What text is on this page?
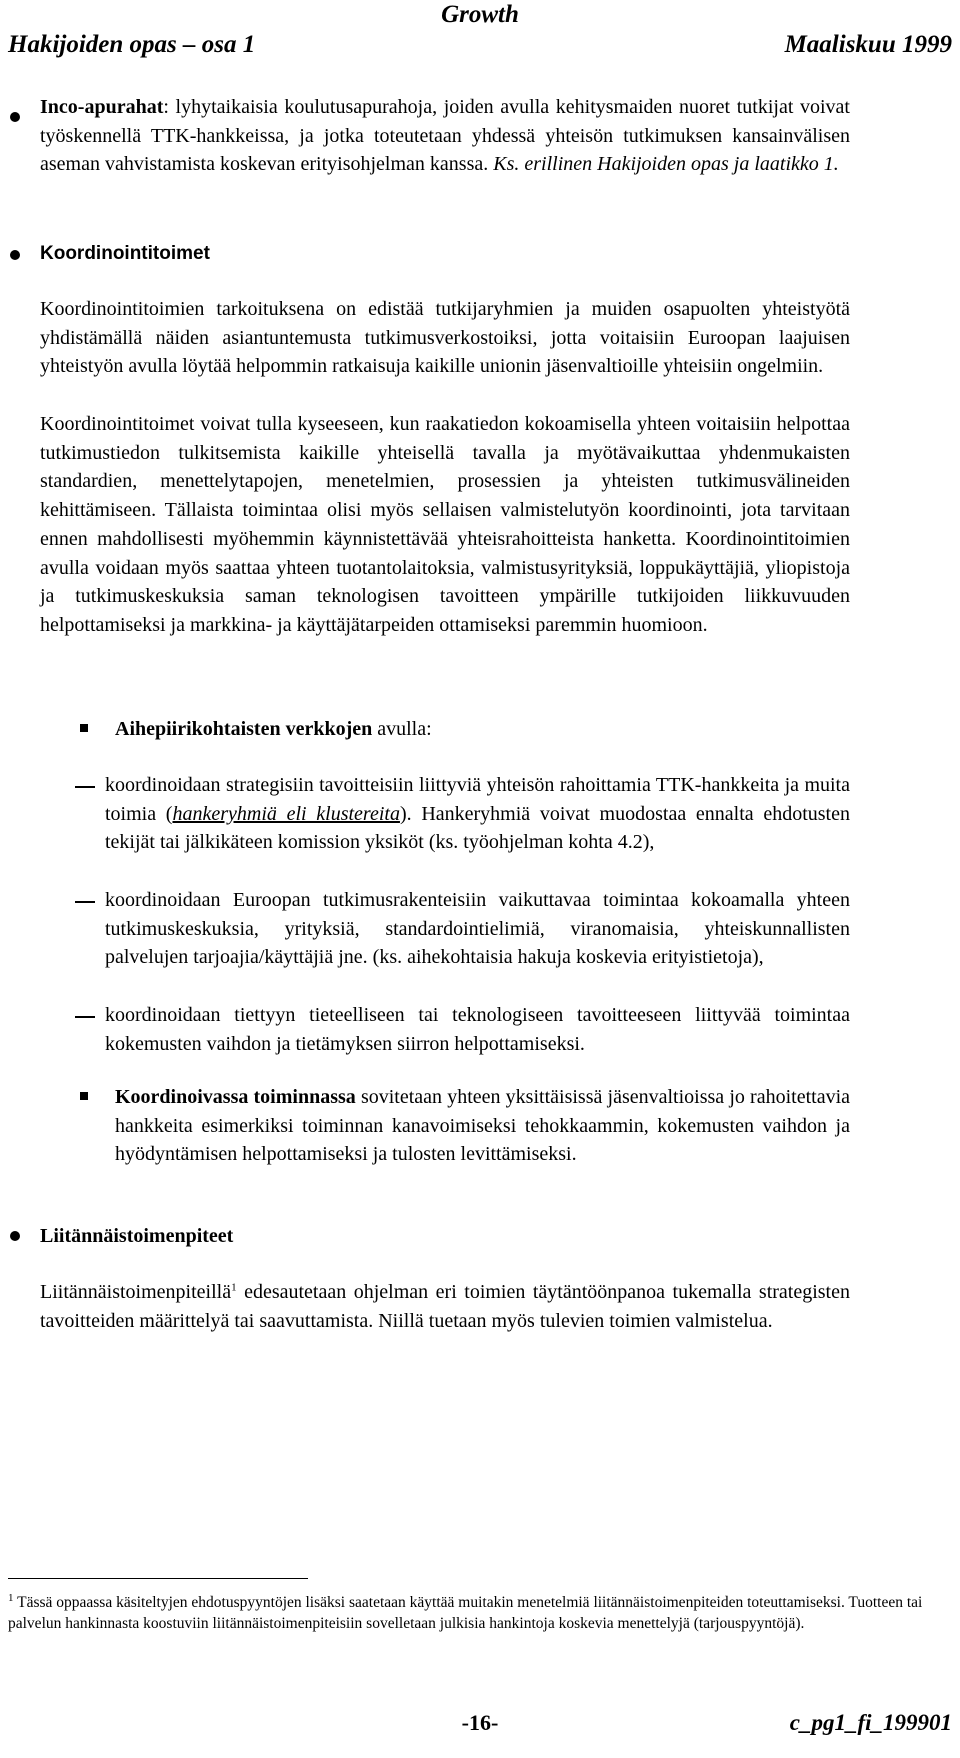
Growth
Hakijoiden opas – osa 1	Maaliskuu 1999
Inco-apurahat: lyhytaikaisia koulutusapurahoja, joiden avulla kehitysmaiden nuoret tutkijat voivat työskennellä TTK-hankkeissa, ja jotka toteutetaan yhdessä yhteisön tutkimuksen kansainvälisen aseman vahvistamista koskevan erityisohjelman kanssa. Ks. erillinen Hakijoiden opas ja laatikko 1.
Koordinointitoimet
Koordinointitoimien tarkoituksena on edistää tutkijaryhmien ja muiden osapuolten yhteistyötä yhdistämällä näiden asiantuntemusta tutkimusverkostoiksi, jotta voitaisiin Euroopan laajuisen yhteistyön avulla löytää helpommin ratkaisuja kaikille unionin jäsenvaltioille yhteisiin ongelmiin.
Koordinointitoimet voivat tulla kyseeseen, kun raakatiedon kokoamisella yhteen voitaisiin helpottaa tutkimustiedon tulkitsemista kaikille yhteisellä tavalla ja myötävaikuttaa yhdenmukaisten standardien, menettelytapojen, menetelmien, prosessien ja yhteisten tutkimusvälineiden kehittämiseen. Tällaista toimintaa olisi myös sellaisen valmistelutyön koordinointi, jota tarvitaan ennen mahdollisesti myöhemmin käynnistettävää yhteisrahoitteista hanketta. Koordinointitoimien avulla voidaan myös saattaa yhteen tuotantolaitoksia, valmistusyrityksiä, loppukäyttäjiä, yliopistoja ja tutkimuskeskuksia saman teknologisen tavoitteen ympärille tutkijoiden liikkuvuuden helpottamiseksi ja markkina- ja käyttäjätarpeiden ottamiseksi paremmin huomioon.
Aihepiirikohtaisten verkkojen avulla:
koordinoidaan strategisiin tavoitteisiin liittyviä yhteisön rahoittamia TTK-hankkeita ja muita toimia (hankeryhmiä eli klustereita). Hankeryhmiä voivat muodostaa ennalta ehdotusten tekijät tai jälkikäteen komission yksiköt (ks. työohjelman kohta 4.2),
koordinoidaan Euroopan tutkimusrakenteisiin vaikuttavaa toimintaa kokoamalla yhteen tutkimuskeskuksia, yrityksiä, standardointielimiä, viranomaisia, yhteiskunnallisten palvelujen tarjoajia/käyttäjiä jne. (ks. aihekohtaisia hakuja koskevia erityistietoja),
koordinoidaan tiettyyn tieteelliseen tai teknologiseen tavoitteeseen liittyvää toimintaa kokemusten vaihdon ja tietämyksen siirron helpottamiseksi.
Koordinoivassa toiminnassa sovitetaan yhteen yksittäisissä jäsenvaltioissa jo rahoitettavia hankkeita esimerkiksi toiminnan kanavoimiseksi tehokkaammin, kokemusten vaihdon ja hyödyntämisen helpottamiseksi ja tulosten levittämiseksi.
Liitännäistoimenpiteet
Liitännäistoimenpiteillä$^1$ edesautetaan ohjelman eri toimien täytäntöönpanoa tukemalla strategisten tavoitteiden määrittelyä tai saavuttamista. Niillä tuetaan myös tulevien toimien valmistelua.
$^1$ Tässä oppaassa käsiteltyjen ehdotuspyyntöjen lisäksi saatetaan käyttää muitakin menetelmiä liitännäistoimenpiteiden toteuttamiseksi. Tuotteen tai palvelun hankinnasta koostuviin liitännäistoimenpiteisiin sovelletaan julkisia hankintoja koskevia menettelyjä (tarjouspyyntöjä).
-16-	c_pg1_fi_199901
